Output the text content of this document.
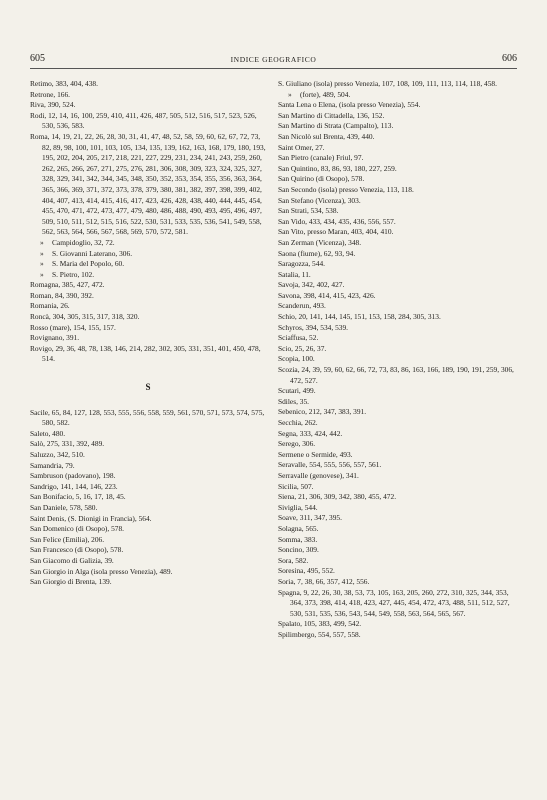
605	INDICE GEOGRAFICO	606

Retimo, 383, 404, 438.

Retrone, 166.

Riva, 390, 524.

Rodi, 12, 14, 16, 100, 259, 410, 411, 426, 487, 505, 512, 516, 517, 523, 526, 530, 536, 583.

Roma, 14, 19, 21, 22, 26, 28, 30, 31, 41, 47, 48, 52, 58, 59, 60, 62, 67, 72, 73, 82, 89, 98, 100, 101, 103, 105, 134, 135, 139, 162, 163, 168, 179, 180, 193, 195, 202, 204, 205, 217, 218, 221, 227, 229, 231, 234, 241, 243, 259, 260, 262, 265, 266, 267, 271, 275, 276, 281, 306, 308, 309, 323, 324, 325, 327, 328, 329, 341, 342, 344, 345, 348, 350, 352, 353, 354, 355, 356, 363, 364, 365, 366, 369, 371, 372, 373, 378, 379, 380, 381, 382, 397, 398, 399, 402, 404, 407, 413, 414, 415, 416, 417, 423, 426, 428, 438, 440, 444, 445, 454, 455, 470, 471, 472, 473, 477, 479, 480, 486, 488, 490, 493, 495, 496, 497, 509, 510, 511, 512, 515, 516, 522, 530, 531, 533, 535, 536, 541, 549, 558, 562, 563, 564, 566, 567, 568, 569, 570, 572, 581.

» Campidoglio, 32, 72.

» S. Giovanni Laterano, 306.

» S. Maria del Popolo, 60.

» S. Pietro, 102.

Romagna, 385, 427, 472.

Roman, 84, 390, 392.

Romania, 26.

Roncà, 304, 305, 315, 317, 318, 320.

Rosso (mare), 154, 155, 157.

Rovignano, 391.

Rovigo, 29, 36, 48, 78, 138, 146, 214, 282, 302, 305, 331, 351, 401, 450, 478, 514.

S

Sacile, 65, 84, 127, 128, 553, 555, 556, 558, 559, 561, 570, 571, 573, 574, 575, 580, 582.

Saleto, 480.

Salò, 275, 331, 392, 489.

Saluzzo, 342, 510.

Samandria, 79.

Sambruson (padovano), 198.

Sandrigo, 141, 144, 146, 223.

San Bonifacio, 5, 16, 17, 18, 45.

San Daniele, 578, 580.

Saint Denis, (S. Dionigi in Francia), 564.

San Domenico (di Osopo), 578.

San Felice (Emilia), 206.

San Francesco (di Osopo), 578.

San Giacomo di Galizia, 39.

San Giorgio in Alga (isola presso Venezia), 489.

San Giorgio di Brenta, 139.

S. Giuliano (isola) presso Venezia, 107, 108, 109, 111, 113, 114, 118, 458.

» (forte), 489, 504.

Santa Lena o Elena, (isola presso Venezia), 554.

San Martino di Cittadella, 136, 152.

San Martino di Strata (Campalto), 113.

San Nicolò sul Brenta, 439, 440.

Saint Omer, 27.

San Pietro (canale) Friul, 97.

San Quintino, 83, 86, 93, 180, 227, 259.

San Quirino (di Osopo), 578.

San Secondo (isola) presso Venezia, 113, 118.

San Stefano (Vicenza), 303.

San Strati, 534, 538.

San Vido, 433, 434, 435, 436, 556, 557.

San Vito, presso Maran, 403, 404, 410.

San Zerman (Vicenza), 348.

Saona (fiume), 62, 93, 94.

Saragozza, 544.

Satalia, 11.

Savoja, 342, 402, 427.

Savona, 398, 414, 415, 423, 426.

Scanderun, 493.

Schio, 20, 141, 144, 145, 151, 153, 158, 284, 305, 313.

Schyros, 394, 534, 539.

Sciaffusa, 52.

Scio, 25, 26, 37.

Scopia, 100.

Scozia, 24, 39, 59, 60, 62, 66, 72, 73, 83, 86, 163, 166, 189, 190, 191, 259, 306, 472, 527.

Scutari, 499.

Sdiles, 35.

Sebenico, 212, 347, 383, 391.

Secchia, 262.

Segna, 333, 424, 442.

Serego, 306.

Sermene o Sermide, 493.

Seravalle, 554, 555, 556, 557, 561.

Serravalle (genovese), 341.

Sicilia, 507.

Siena, 21, 306, 309, 342, 380, 455, 472.

Siviglia, 544.

Soave, 311, 347, 395.

Solagna, 565.

Somma, 383.

Soncino, 309.

Sora, 582.

Soresina, 495, 552.

Soria, 7, 38, 66, 357, 412, 556.

Spagna, 9, 22, 26, 30, 38, 53, 73, 105, 163, 205, 260, 272, 310, 325, 344, 353, 364, 373, 398, 414, 418, 423, 427, 445, 454, 472, 473, 488, 511, 512, 527, 530, 531, 535, 536, 543, 544, 549, 558, 563, 564, 565, 567.

Spalato, 105, 383, 499, 542.

Spilimbergo, 554, 557, 558.
